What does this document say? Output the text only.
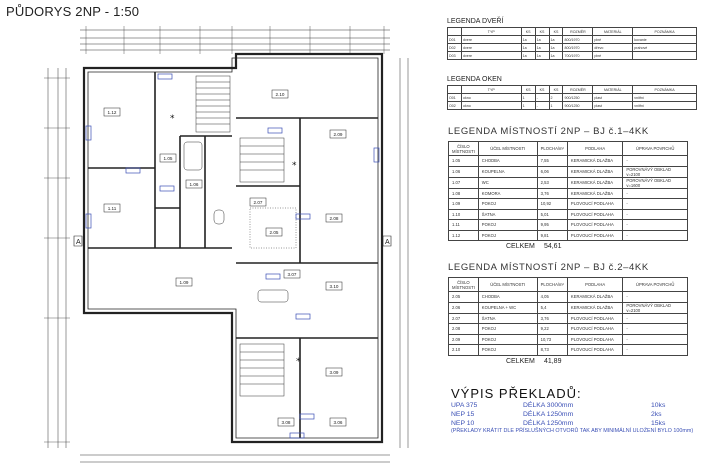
PŮDORYS 2NP - 1:50
1.12
1.05
1.06
1.11
1.09
2.10
2.09
2.07
2.05
2.08
3.07
3.10
3.09
3.08	3.06
*
*
*
A	A
LEGENDA DVEŘÍ
	TYP	KS	KS	KS	ROZMĚR	MATERIÁL	POZNÁMKA
D01	dvere	1a	1a	1a	800/1970	plné	kovanie
D02	dvere	1a	1a	1a	800/1970	dřevo	prahové
D03	dvere	1a	1a	1a	700/1970	plné	
LEGENDA OKEN
	TYP	KS	KS	KS	ROZMĚR	MATERIÁL	POZNÁMKA
O01	okno	1	-	2	900/1250	plast	vnitřní
O02	okno	1	-	1	900/1250	plast	vnitřní
LEGENDA MÍSTNOSTÍ 2NP – BJ č.1–4KK
ČÍSLO MÍSTNOSTI	ÚČEL MÍSTNOSTI	PLOCHA/m²	PODLAHA	ÚPRAVA POVRCHŮ
1.05	CHODBA	7,55	KERAMICKÁ DLAŽBA	-
1.06	KOUPELNA	6,06	KERAMICKÁ DLAŽBA	POROVNÁVÝ OBKLAD v=2100
1.07	WC	2,53	KERAMICKÁ DLAŽBA	POROVNÁVÝ OBKLAD v=1600
1.08	KOMORA	3,76	KERAMICKÁ DLAŽBA	-
1.09	POKOJ	10,92	PLOVOUCÍ PODLAHA	-
1.10	ŠATNA	5,01	PLOVOUCÍ PODLAHA	-
1.11	POKOJ	9,95	PLOVOUCÍ PODLAHA	-
1.12	POKOJ	9,81	PLOVOUCÍ PODLAHA	-
CELKEM 54,61
LEGENDA MÍSTNOSTÍ 2NP – BJ č.2–4KK
ČÍSLO MÍSTNOSTI	ÚČEL MÍSTNOSTI	PLOCHA/m²	PODLAHA	ÚPRAVA POVRCHŮ
2.05	CHODBA	4,05	KERAMICKÁ DLAŽBA	-
2.06	KOUPELNA + WC	5,4	KERAMICKÁ DLAŽBA	POROVNÁVÝ OBKLAD v=2100
2.07	ŠATNA	3,76	PLOVOUCÍ PODLAHA	-
2.08	POKOJ	9,22	PLOVOUCÍ PODLAHA	-
2.09	POKOJ	10,73	PLOVOUCÍ PODLAHA	-
2.10	POKOJ	8,73	PLOVOUCÍ PODLAHA	-
CELKEM 41,89
VÝPIS PŘEKLADŮ:
UPA 375	DÉLKA 3000mm	10ks
NEP 15	DÉLKA 1250mm	2ks
NEP 10	DÉLKA 1250mm	15ks
(PŘEKLADY KRÁTIT DLE PŘÍSLUŠNÝCH OTVORŮ TAK ABY MINIMÁLNÍ ULOŽENÍ BYLO 100mm)
